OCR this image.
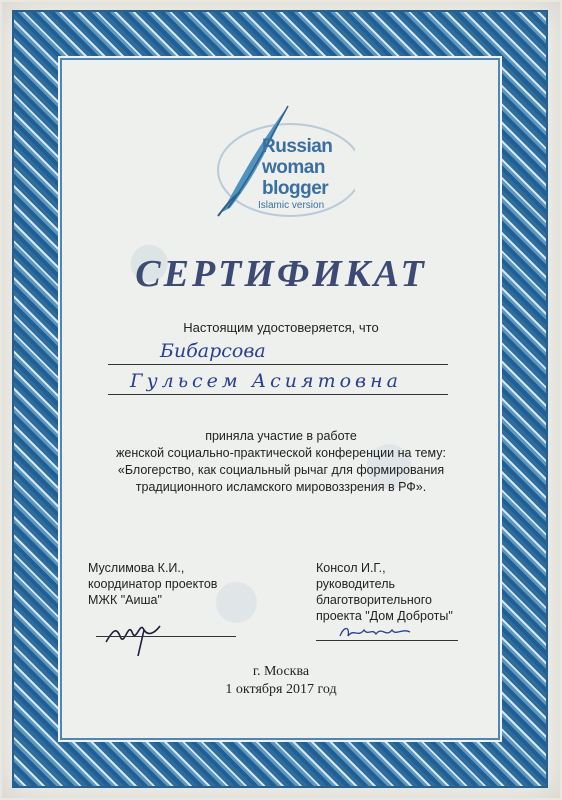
Russian
woman
blogger
Islamic version
СЕРТИФИКАТ
Настоящим удостоверяется, что
Бибарсова
Гульсем Асиятовна
приняла участие в работе
женской социально-практической конференции на тему:
«Блогерство, как социальный рычаг для формирования
традиционного исламского мировоззрения в РФ».
Муслимова К.И.,
координатор проектов
МЖК "Аиша"
Консол И.Г.,
руководитель
благотворительного
проекта "Дом Доброты"
г. Москва
1 октября 2017 год
